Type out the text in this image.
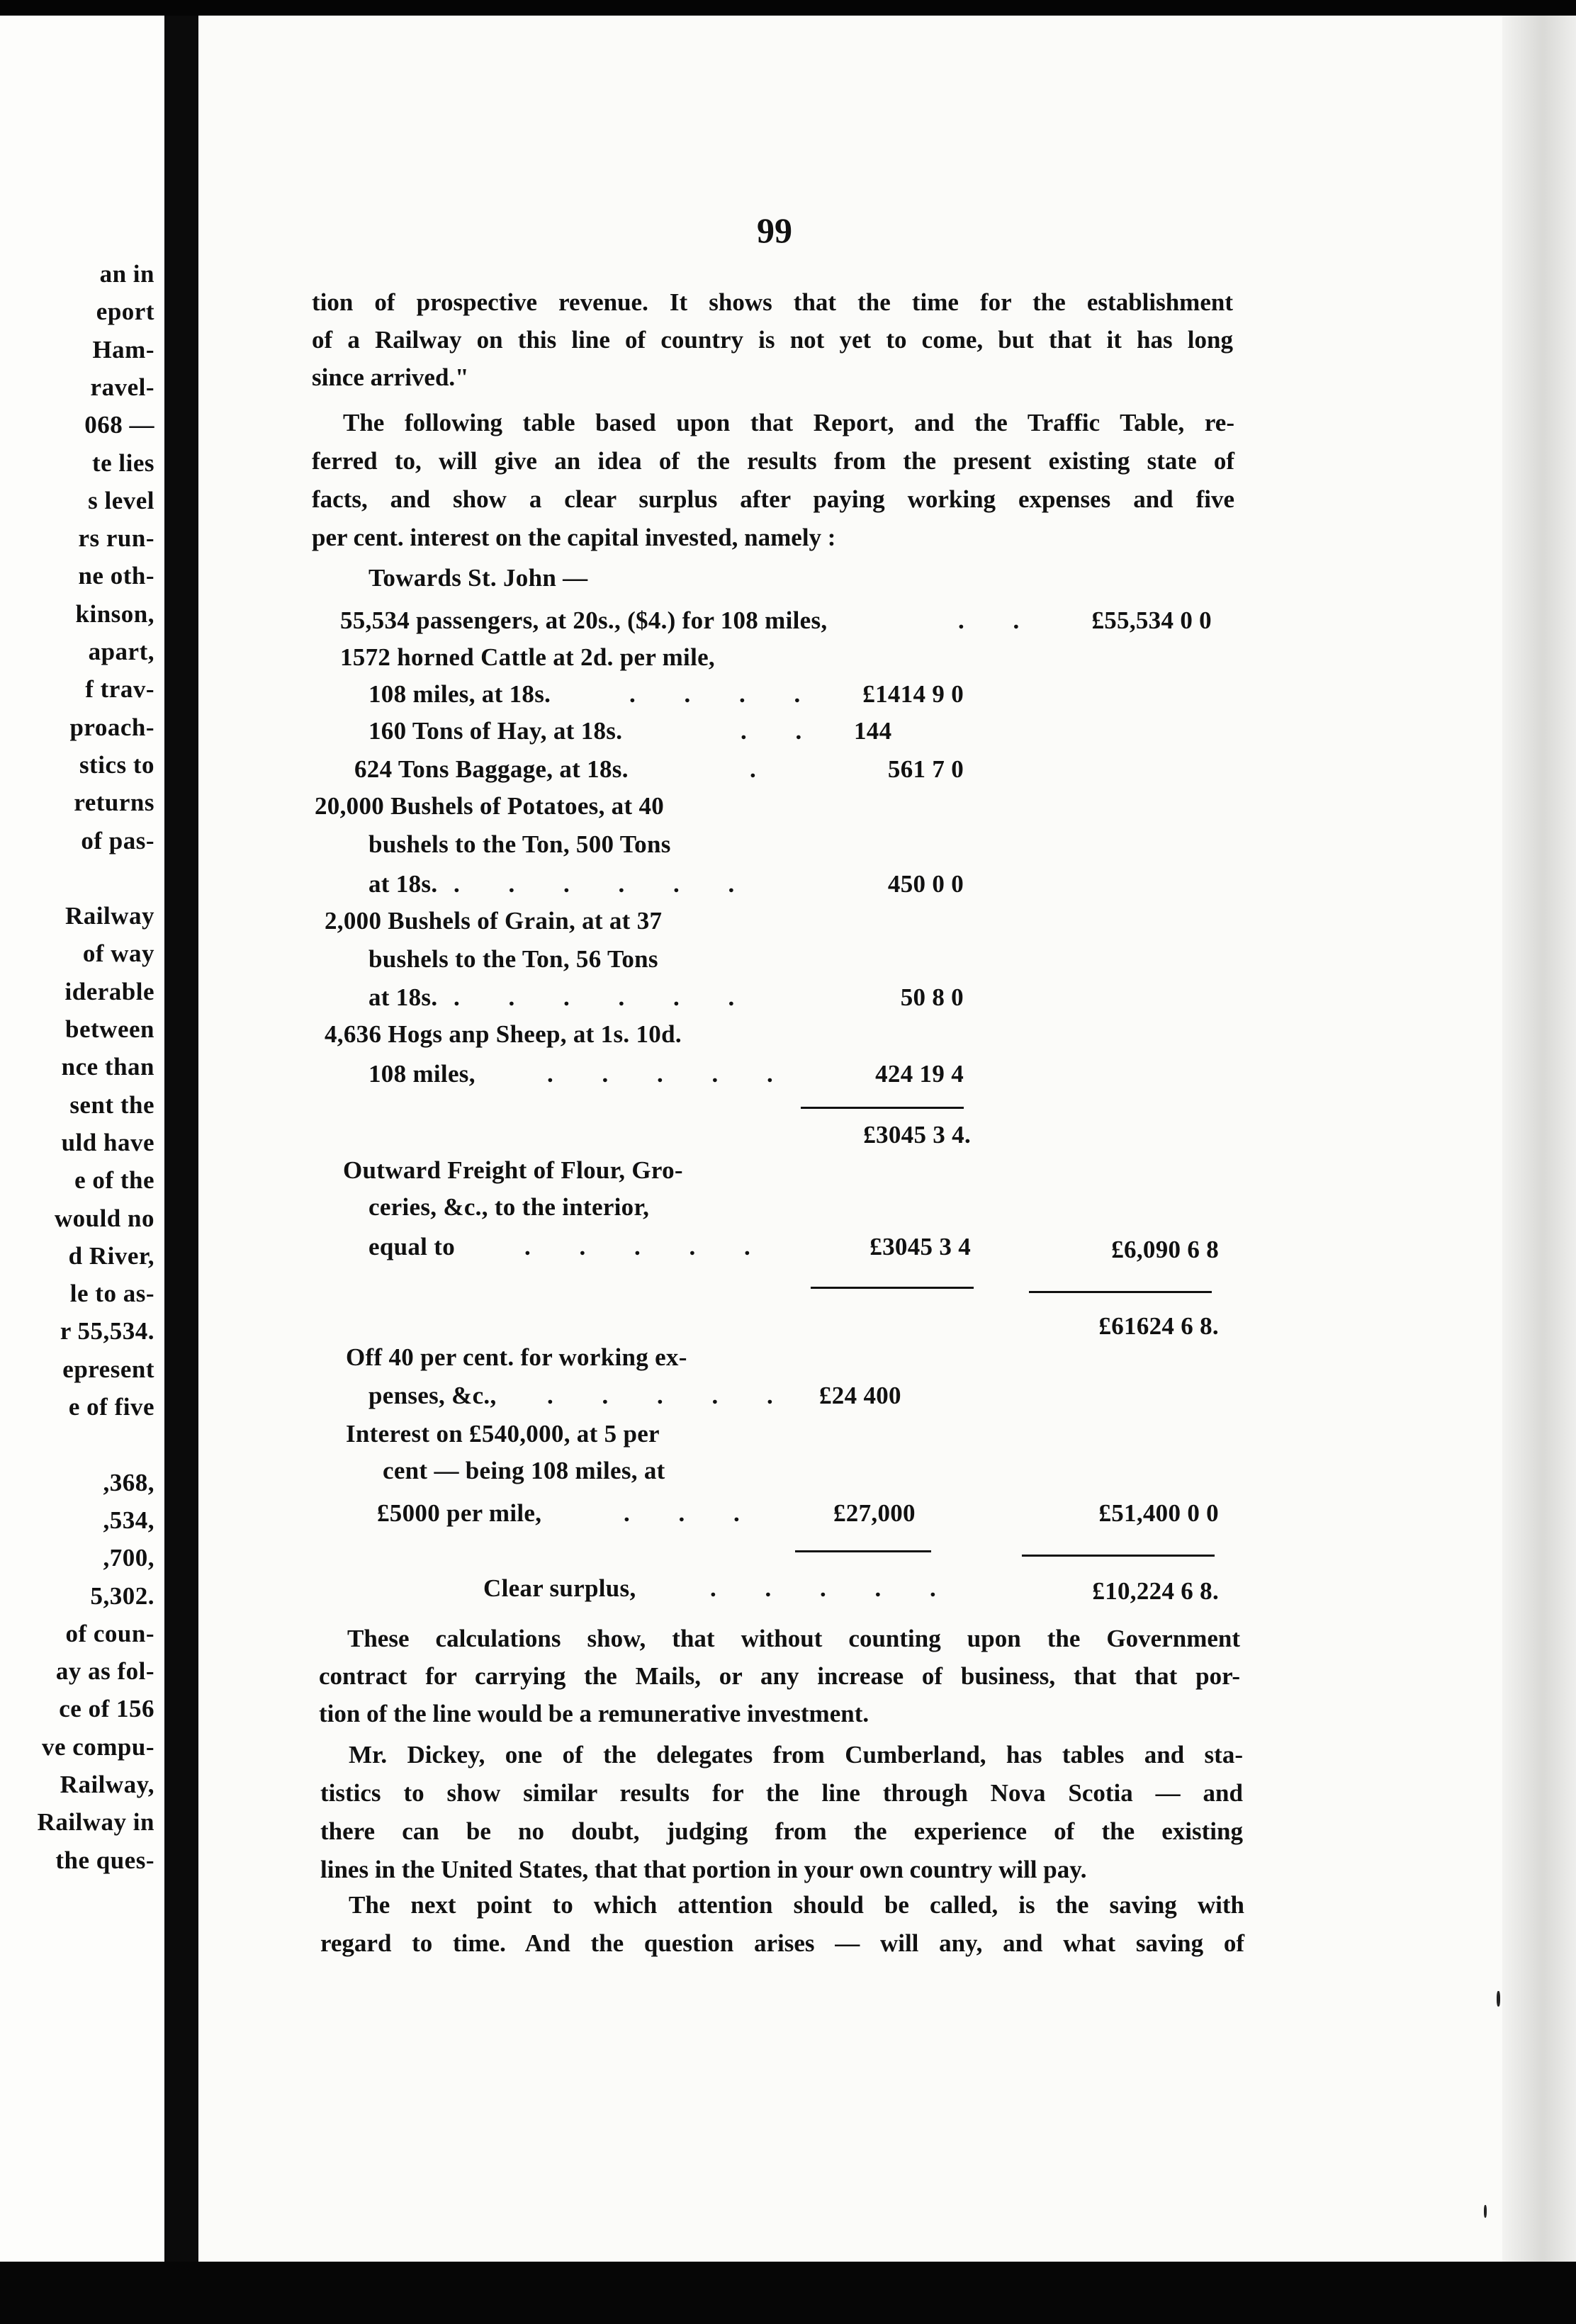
an in
eport
Ham-
ravel-
068 —
te lies
s level
rs run-
ne oth-
kinson,
apart,
f trav-
proach-
stics to
returns
of pas-
Railway
of way
iderable
between
nce than
sent the
uld have
e of the
would no
d River,
le to as-
r 55,534.
epresent
e of five
,368,
,534,
,700,
5,302.
of coun-
ay as fol-
ce of 156
ve compu-
Railway,
Railway in
the ques-
99
tion of prospective revenue. It shows that the time for the establishment
of a Railway on this line of country is not yet to come, but that it has long
since arrived."
The following table based upon that Report, and the Traffic Table, re-
ferred to, will give an idea of the results from the present existing state of
facts, and show a clear surplus after paying working expenses and five
per cent. interest on the capital invested, namely :
Towards St. John —
55,534 passengers, at 20s., ($4.) for 108 miles,	. .	£55,534 0 0
1572 horned Cattle at 2d. per mile,
108 miles, at 18s.	. . . .	£1414 9 0
160 Tons of Hay, at 18s.	. . 144
624 Tons Baggage, at 18s.	.	561 7 0
20,000 Bushels of Potatoes, at 40
bushels to the Ton, 500 Tons
at 18s. . . . . . .	450 0 0
2,000 Bushels of Grain, at at 37
bushels to the Ton, 56 Tons
at 18s. . . . . . .	50 8 0
4,636 Hogs anp Sheep, at 1s. 10d.
108 miles,	. . . . .	424 19 4
£3045 3 4.
Outward Freight of Flour, Gro-
ceries, &c., to the interior,
equal to	. . . . .	£3045 3 4	£6,090 6 8
£61624 6 8.
Off 40 per cent. for working ex-
penses, &c., . . . . . £24 400
Interest on £540,000, at 5 per
cent — being 108 miles, at
£5000 per mile,	. . .	£27,000	£51,400 0 0
Clear surplus,	. . . . .	£10,224 6 8.
These calculations show, that without counting upon the Government
contract for carrying the Mails, or any increase of business, that that por-
tion of the line would be a remunerative investment.
Mr. Dickey, one of the delegates from Cumberland, has tables and sta-
tistics to show similar results for the line through Nova Scotia — and
there can be no doubt, judging from the experience of the existing
lines in the United States, that that portion in your own country will pay.
The next point to which attention should be called, is the saving with
regard to time. And the question arises — will any, and what saving of
